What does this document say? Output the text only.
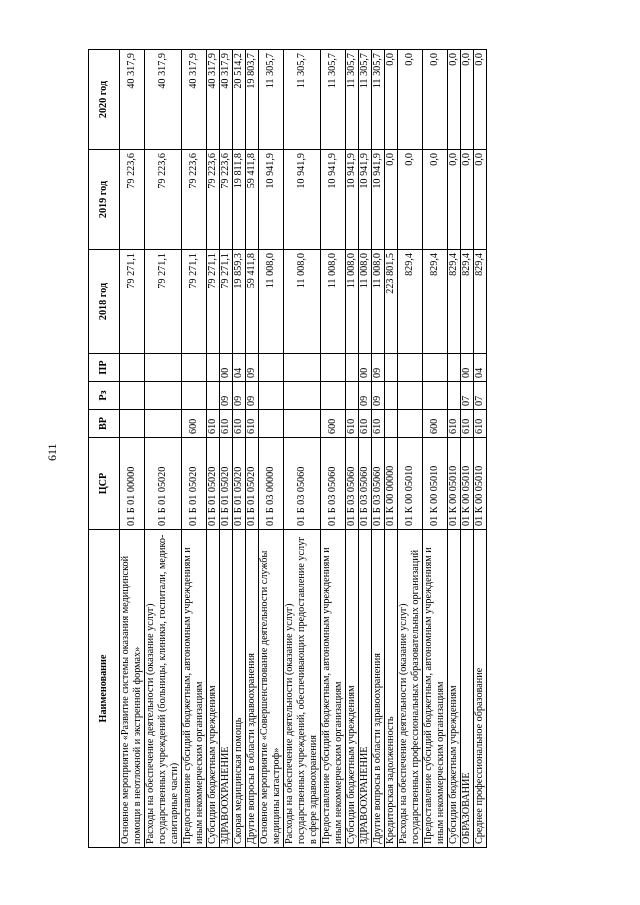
611
Наименование	ЦСР	ВР	Рз	ПР	2018 год	2019 год	2020 год
Основное мероприятие «Развитие системы оказания медицинской помощи в неотложной и экстренной формах»	01 Б 01 00000				79 271,1	79 223,6	40 317,9
Расходы на обеспечение деятельности (оказание услуг) государственных учреждений (больницы, клиники, госпитали, медико-санитарные части)	01 Б 01 05020				79 271,1	79 223,6	40 317,9
Предоставление субсидий бюджетным, автономным учреждениям и иным некоммерческим организациям	01 Б 01 05020	600			79 271,1	79 223,6	40 317,9
Субсидии бюджетным учреждениям	01 Б 01 05020	610			79 271,1	79 223,6	40 317,9
ЗДРАВООХРАНЕНИЕ	01 Б 01 05020	610	09	00	79 271,1	79 223,6	40 317,9
Скорая медицинская помощь	01 Б 01 05020	610	09	04	19 859,3	19 811,8	20 514,2
Другие вопросы в области здравоохранения	01 Б 01 05020	610	09	09	59 411,8	59 411,8	19 803,7
Основное мероприятие «Совершенствование деятельности службы медицины катастроф»	01 Б 03 00000				11 008,0	10 941,9	11 305,7
Расходы на обеспечение деятельности (оказание услуг) государственных учреждений, обеспечивающих предоставление услуг в сфере здравоохранения	01 Б 03 05060				11 008,0	10 941,9	11 305,7
Предоставление субсидий бюджетным, автономным учреждениям и иным некоммерческим организациям	01 Б 03 05060	600			11 008,0	10 941,9	11 305,7
Субсидии бюджетным учреждениям	01 Б 03 05060	610			11 008,0	10 941,9	11 305,7
ЗДРАВООХРАНЕНИЕ	01 Б 03 05060	610	09	00	11 008,0	10 941,9	11 305,7
Другие вопросы в области здравоохранения	01 Б 03 05060	610	09	09	11 008,0	10 941,9	11 305,7
Кредиторская задолженность	01 К 00 00000				223 801,5	0,0	0,0
Расходы на обеспечение деятельности (оказание услуг) государственных профессиональных образовательных организаций	01 К 00 05010				829,4	0,0	0,0
Предоставление субсидий бюджетным, автономным учреждениям и иным некоммерческим организациям	01 К 00 05010	600			829,4	0,0	0,0
Субсидии бюджетным учреждениям	01 К 00 05010	610			829,4	0,0	0,0
ОБРАЗОВАНИЕ	01 К 00 05010	610	07	00	829,4	0,0	0,0
Среднее профессиональное образование	01 К 00 05010	610	07	04	829,4	0,0	0,0
